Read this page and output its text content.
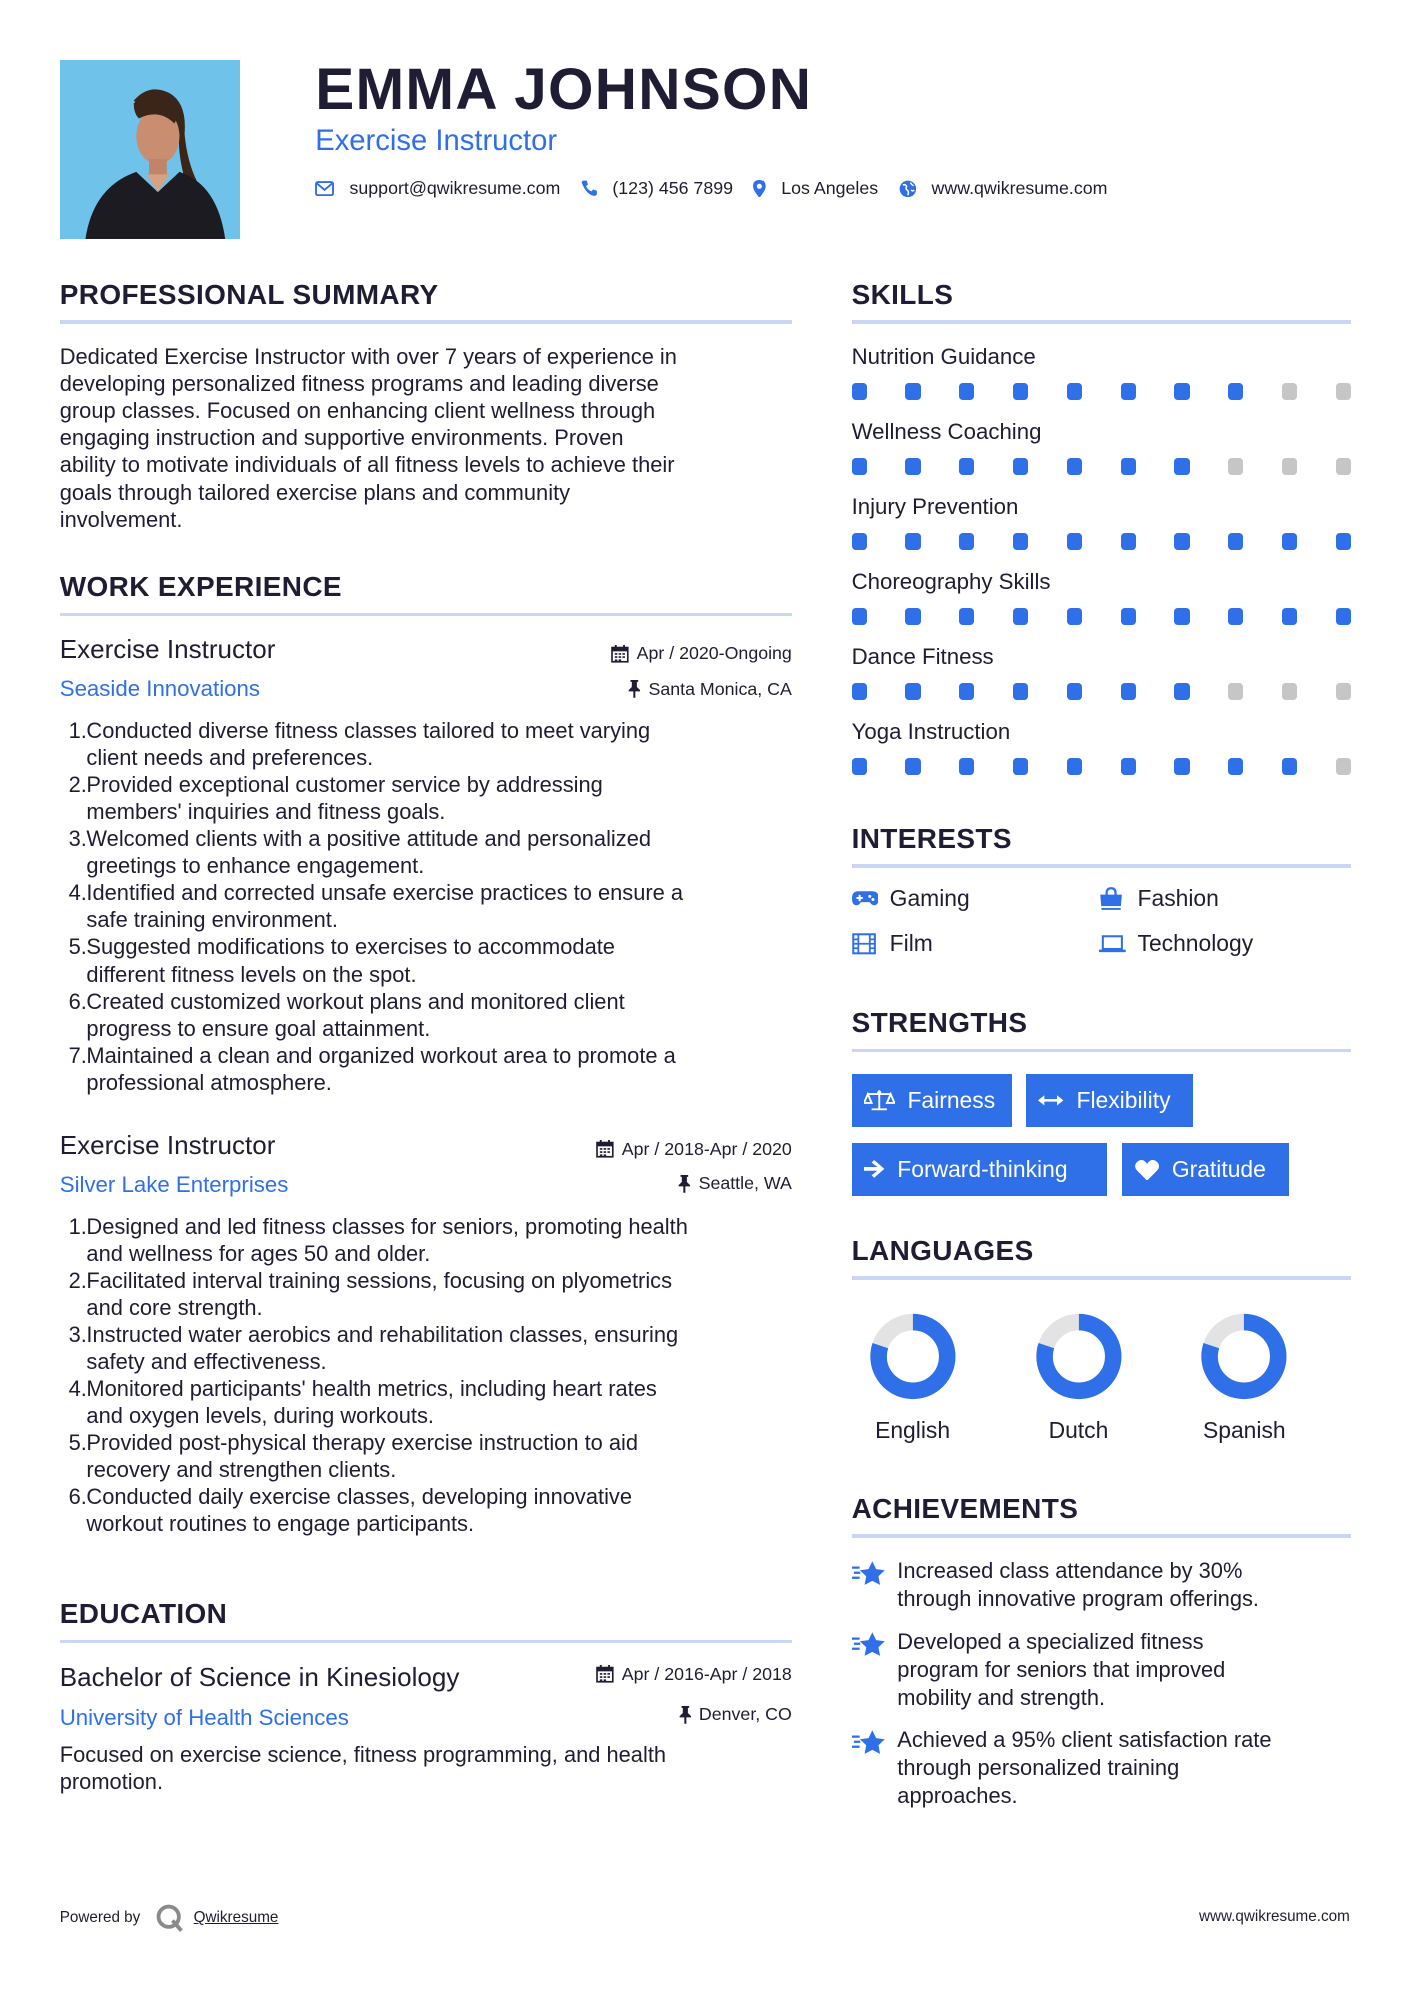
EMMA JOHNSON
Exercise Instructor
support@qwikresume.com	(123) 456 7899	Los Angeles	www.qwikresume.com
PROFESSIONAL SUMMARY
Dedicated Exercise Instructor with over 7 years of experience in
developing personalized fitness programs and leading diverse
group classes. Focused on enhancing client wellness through
engaging instruction and supportive environments. Proven
ability to motivate individuals of all fitness levels to achieve their
goals through tailored exercise plans and community
involvement.
WORK EXPERIENCE
Exercise Instructor	Apr / 2020-Ongoing
Seaside Innovations	Santa Monica, CA
1. Conducted diverse fitness classes tailored to meet varying
client needs and preferences.
2. Provided exceptional customer service by addressing
members' inquiries and fitness goals.
3. Welcomed clients with a positive attitude and personalized
greetings to enhance engagement.
4. Identified and corrected unsafe exercise practices to ensure a
safe training environment.
5. Suggested modifications to exercises to accommodate
different fitness levels on the spot.
6. Created customized workout plans and monitored client
progress to ensure goal attainment.
7. Maintained a clean and organized workout area to promote a
professional atmosphere.
Exercise Instructor	Apr / 2018-Apr / 2020
Silver Lake Enterprises	Seattle, WA
1. Designed and led fitness classes for seniors, promoting health
and wellness for ages 50 and older.
2. Facilitated interval training sessions, focusing on plyometrics
and core strength.
3. Instructed water aerobics and rehabilitation classes, ensuring
safety and effectiveness.
4. Monitored participants' health metrics, including heart rates
and oxygen levels, during workouts.
5. Provided post-physical therapy exercise instruction to aid
recovery and strengthen clients.
6. Conducted daily exercise classes, developing innovative
workout routines to engage participants.
EDUCATION
Bachelor of Science in Kinesiology	Apr / 2016-Apr / 2018
University of Health Sciences	Denver, CO
Focused on exercise science, fitness programming, and health
promotion.
SKILLS
Nutrition Guidance
Wellness Coaching
Injury Prevention
Choreography Skills
Dance Fitness
Yoga Instruction
INTERESTS
Gaming	Fashion
Film	Technology
STRENGTHS
Fairness	Flexibility
Forward-thinking	Gratitude
LANGUAGES
English	Dutch	Spanish
ACHIEVEMENTS
Increased class attendance by 30%
through innovative program offerings.
Developed a specialized fitness
program for seniors that improved
mobility and strength.
Achieved a 95% client satisfaction rate
through personalized training
approaches.
Powered by	Qwikresume	www.qwikresume.com
